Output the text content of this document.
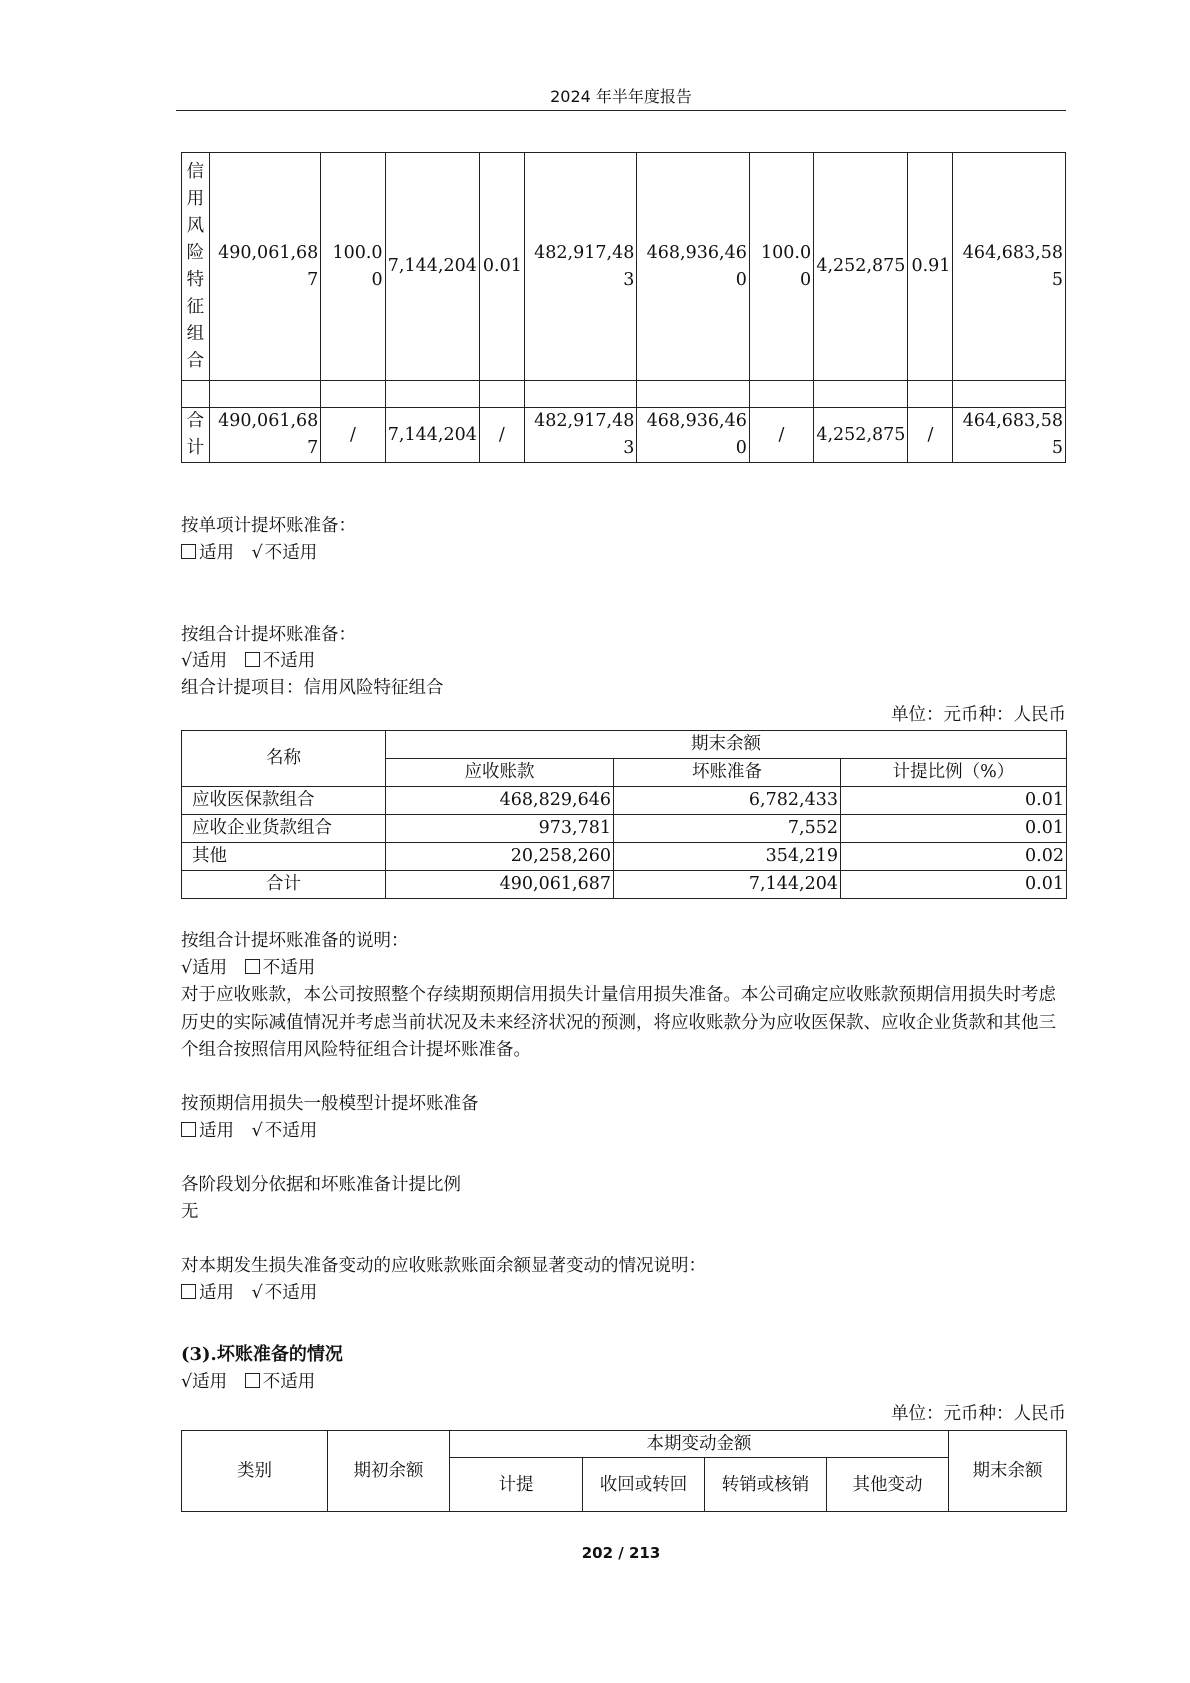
2024 年半年度报告
信用风险特征组合	490,061,687	100.00	7,144,204	0.01	482,917,483	468,936,460	100.00	4,252,875	0.91	464,683,585

合计	490,061,687	/	7,144,204	/	482,917,483	468,936,460	/	4,252,875	/	464,683,585
按单项计提坏账准备：
适用 √ 不适用
按组合计提坏账准备：
√适用 不适用
组合计提项目：信用风险特征组合
单位：元币种：人民币
名称	期末余额		
	应收账款	坏账准备	计提比例（%）
应收医保款组合	468,829,646	6,782,433	0.01
应收企业货款组合	973,781	7,552	0.01
其他	20,258,260	354,219	0.02
合计	490,061,687	7,144,204	0.01
按组合计提坏账准备的说明：
√适用 不适用
对于应收账款，本公司按照整个存续期预期信用损失计量信用损失准备。本公司确定应收账款预期信用损失时考虑历史的实际减值情况并考虑当前状况及未来经济状况的预测，将应收账款分为应收医保款、应收企业货款和其他三个组合按照信用风险特征组合计提坏账准备。
按预期信用损失一般模型计提坏账准备
适用 √ 不适用
各阶段划分依据和坏账准备计提比例
无
对本期发生损失准备变动的应收账款账面余额显著变动的情况说明：
适用 √ 不适用
(3).坏账准备的情况
√适用 不适用
单位：元币种：人民币
类别	期初余额	本期变动金额				期末余额
		计提	收回或转回	转销或核销	其他变动	
202 / 213
